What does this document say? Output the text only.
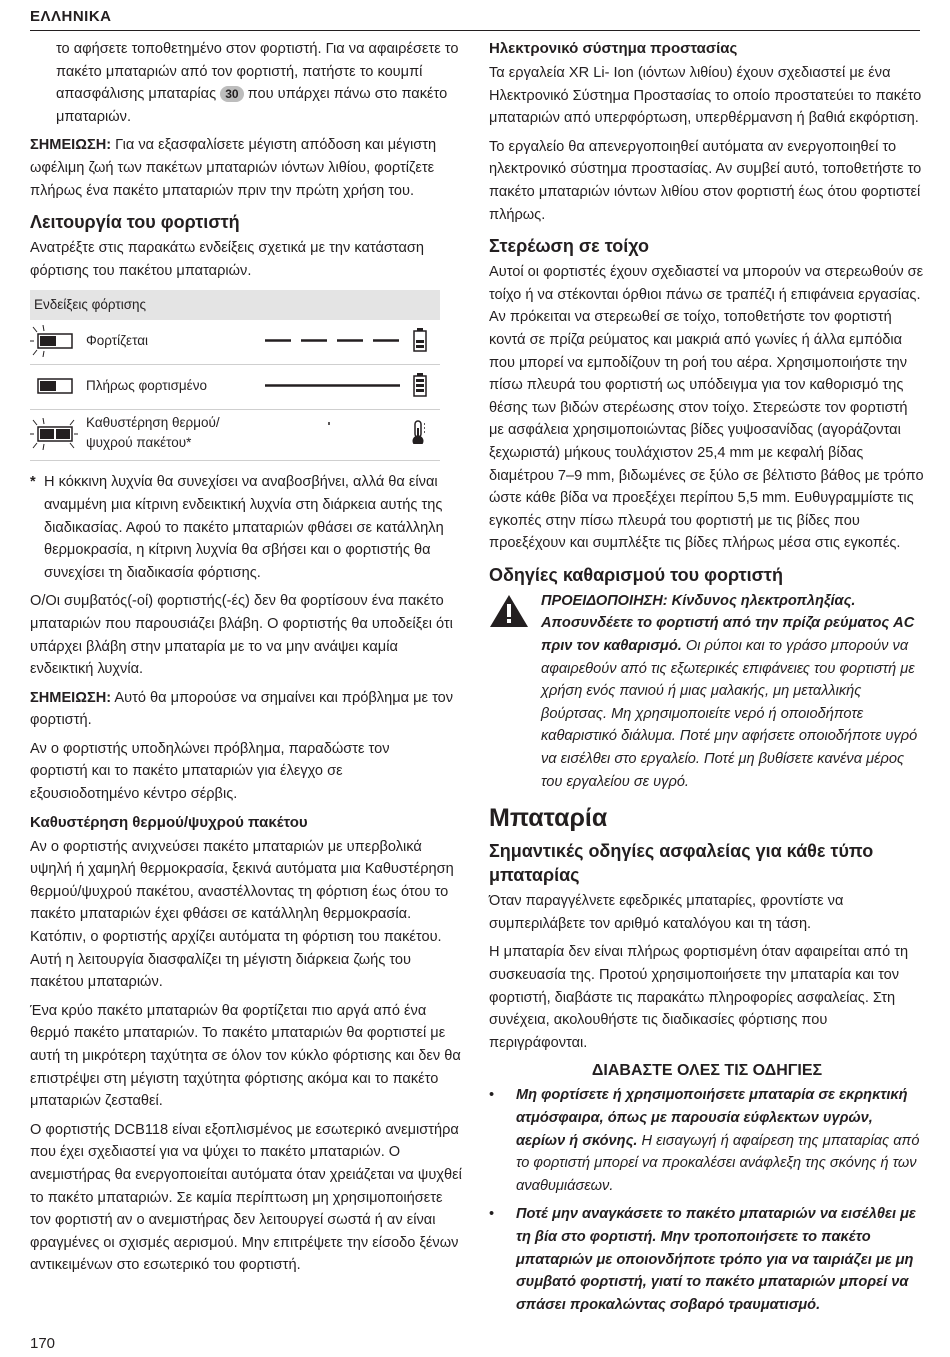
ΕΛΛΗΝΙΚΑ

το αφήσετε τοποθετημένο στον φορτιστή. Για να αφαιρέσετε το πακέτο μπαταριών από τον φορτιστή, πατήστε το κουμπί απασφάλισης μπαταρίας 30 που υπάρχει πάνω στο πακέτο μπαταριών.

ΣΗΜΕΙΩΣΗ: Για να εξασφαλίσετε μέγιστη απόδοση και μέγιστη ωφέλιμη ζωή των πακέτων μπαταριών ιόντων λιθίου, φορτίζετε πλήρως ένα πακέτο μπαταριών πριν την πρώτη χρήση του.

Λειτουργία του φορτιστή

Ανατρέξτε στις παρακάτω ενδείξεις σχετικά με την κατάσταση φόρτισης του πακέτου μπαταριών.

Ενδείξεις φόρτισης
Φορτίζεται
Πλήρως φορτισμένο
Καθυστέρηση θερμού/ψυχρού πακέτου*

* Η κόκκινη λυχνία θα συνεχίσει να αναβοσβήνει, αλλά θα είναι αναμμένη μια κίτρινη ενδεικτική λυχνία στη διάρκεια αυτής της διαδικασίας. Αφού το πακέτο μπαταριών φθάσει σε κατάλληλη θερμοκρασία, η κίτρινη λυχνία θα σβήσει και ο φορτιστής θα συνεχίσει τη διαδικασία φόρτισης.

Ο/Οι συμβατός(-οί) φορτιστής(-ές) δεν θα φορτίσουν ένα πακέτο μπαταριών που παρουσιάζει βλάβη. Ο φορτιστής θα υποδείξει ότι υπάρχει βλάβη στην μπαταρία με το να μην ανάψει καμία ενδεικτική λυχνία.

ΣΗΜΕΙΩΣΗ: Αυτό θα μπορούσε να σημαίνει και πρόβλημα με τον φορτιστή.

Αν ο φορτιστής υποδηλώνει πρόβλημα, παραδώστε τον φορτιστή και το πακέτο μπαταριών για έλεγχο σε εξουσιοδοτημένο κέντρο σέρβις.

Καθυστέρηση θερμού/ψυχρού πακέτου

Αν ο φορτιστής ανιχνεύσει πακέτο μπαταριών με υπερβολικά υψηλή ή χαμηλή θερμοκρασία, ξεκινά αυτόματα μια Καθυστέρηση θερμού/ψυχρού πακέτου, αναστέλλοντας τη φόρτιση έως ότου το πακέτο μπαταριών έχει φθάσει σε κατάλληλη θερμοκρασία. Κατόπιν, ο φορτιστής αρχίζει αυτόματα τη φόρτιση του πακέτου. Αυτή η λειτουργία διασφαλίζει τη μέγιστη διάρκεια ζωής του πακέτου μπαταριών.

Ένα κρύο πακέτο μπαταριών θα φορτίζεται πιο αργά από ένα θερμό πακέτο μπαταριών. Το πακέτο μπαταριών θα φορτιστεί με αυτή τη μικρότερη ταχύτητα σε όλον τον κύκλο φόρτισης και δεν θα επιστρέψει στη μέγιστη ταχύτητα φόρτισης ακόμα και το πακέτο μπαταριών ζεσταθεί.

Ο φορτιστής DCB118 είναι εξοπλισμένος με εσωτερικό ανεμιστήρα που έχει σχεδιαστεί για να ψύχει το πακέτο μπαταριών. Ο ανεμιστήρας θα ενεργοποιείται αυτόματα όταν χρειάζεται να ψυχθεί το πακέτο μπαταριών. Σε καμία περίπτωση μη χρησιμοποιήσετε τον φορτιστή αν ο ανεμιστήρας δεν λειτουργεί σωστά ή αν είναι φραγμένες οι σχισμές αερισμού. Μην επιτρέψετε την είσοδο ξένων αντικειμένων στο εσωτερικό του φορτιστή.

Ηλεκτρονικό σύστημα προστασίας

Τα εργαλεία XR Li- Ion (ιόντων λιθίου) έχουν σχεδιαστεί με ένα Ηλεκτρονικό Σύστημα Προστασίας το οποίο προστατεύει το πακέτο μπαταριών από υπερφόρτωση, υπερθέρμανση ή βαθιά εκφόρτιση.

Το εργαλείο θα απενεργοποιηθεί αυτόματα αν ενεργοποιηθεί το ηλεκτρονικό σύστημα προστασίας. Αν συμβεί αυτό, τοποθετήστε το πακέτο μπαταριών ιόντων λιθίου στον φορτιστή έως ότου φορτιστεί πλήρως.

Στερέωση σε τοίχο

Αυτοί οι φορτιστές έχουν σχεδιαστεί να μπορούν να στερεωθούν σε τοίχο ή να στέκονται όρθιοι πάνω σε τραπέζι ή επιφάνεια εργασίας. Αν πρόκειται να στερεωθεί σε τοίχο, τοποθετήστε τον φορτιστή κοντά σε πρίζα ρεύματος και μακριά από γωνίες ή άλλα εμπόδια που μπορεί να εμποδίζουν τη ροή του αέρα. Χρησιμοποιήστε την πίσω πλευρά του φορτιστή ως υπόδειγμα για τον καθορισμό της θέσης των βιδών στερέωσης στον τοίχο. Στερεώστε τον φορτιστή με ασφάλεια χρησιμοποιώντας βίδες γυψοσανίδας (αγοράζονται ξεχωριστά) μήκους τουλάχιστον 25,4 mm με κεφαλή βίδας διαμέτρου 7–9 mm, βιδωμένες σε ξύλο σε βέλτιστο βάθος με τρόπο ώστε κάθε βίδα να προεξέχει περίπου 5,5 mm. Ευθυγραμμίστε τις εγκοπές στην πίσω πλευρά του φορτιστή με τις βίδες που προεξέχουν και συμπλέξτε τις βίδες πλήρως μέσα στις εγκοπές.

Οδηγίες καθαρισμού του φορτιστή

ΠΡΟΕΙΔΟΠΟΙΗΣΗ: Κίνδυνος ηλεκτροπληξίας. Αποσυνδέετε το φορτιστή από την πρίζα ρεύματος AC πριν τον καθαρισμό. Οι ρύποι και το γράσο μπορούν να αφαιρεθούν από τις εξωτερικές επιφάνειες του φορτιστή με χρήση ενός πανιού ή μιας μαλακής, μη μεταλλικής βούρτσας. Μη χρησιμοποιείτε νερό ή οποιοδήποτε καθαριστικό διάλυμα. Ποτέ μην αφήσετε οποιοδήποτε υγρό να εισέλθει στο εργαλείο. Ποτέ μη βυθίσετε κανένα μέρος του εργαλείου σε υγρό.

Μπαταρία
Σημαντικές οδηγίες ασφαλείας για κάθε τύπο μπαταρίας

Όταν παραγγέλνετε εφεδρικές μπαταρίες, φροντίστε να συμπεριλάβετε τον αριθμό καταλόγου και τη τάση.

Η μπαταρία δεν είναι πλήρως φορτισμένη όταν αφαιρείται από τη συσκευασία της. Προτού χρησιμοποιήσετε την μπαταρία και τον φορτιστή, διαβάστε τις παρακάτω πληροφορίες ασφαλείας. Στη συνέχεια, ακολουθήστε τις διαδικασίες φόρτισης που περιγράφονται.

ΔΙΑΒΑΣΤΕ ΟΛΕΣ ΤΙΣ ΟΔΗΓΙΕΣ

• Μη φορτίσετε ή χρησιμοποιήσετε μπαταρία σε εκρηκτική ατμόσφαιρα, όπως με παρουσία εύφλεκτων υγρών, αερίων ή σκόνης. Η εισαγωγή ή αφαίρεση της μπαταρίας από το φορτιστή μπορεί να προκαλέσει ανάφλεξη της σκόνης ή των αναθυμιάσεων.

• Ποτέ μην αναγκάσετε το πακέτο μπαταριών να εισέλθει με τη βία στο φορτιστή. Μην τροποποιήσετε το πακέτο μπαταριών με οποιονδήποτε τρόπο για να ταιριάζει με μη συμβατό φορτιστή, γιατί το πακέτο μπαταριών μπορεί να σπάσει προκαλώντας σοβαρό τραυματισμό.

170
